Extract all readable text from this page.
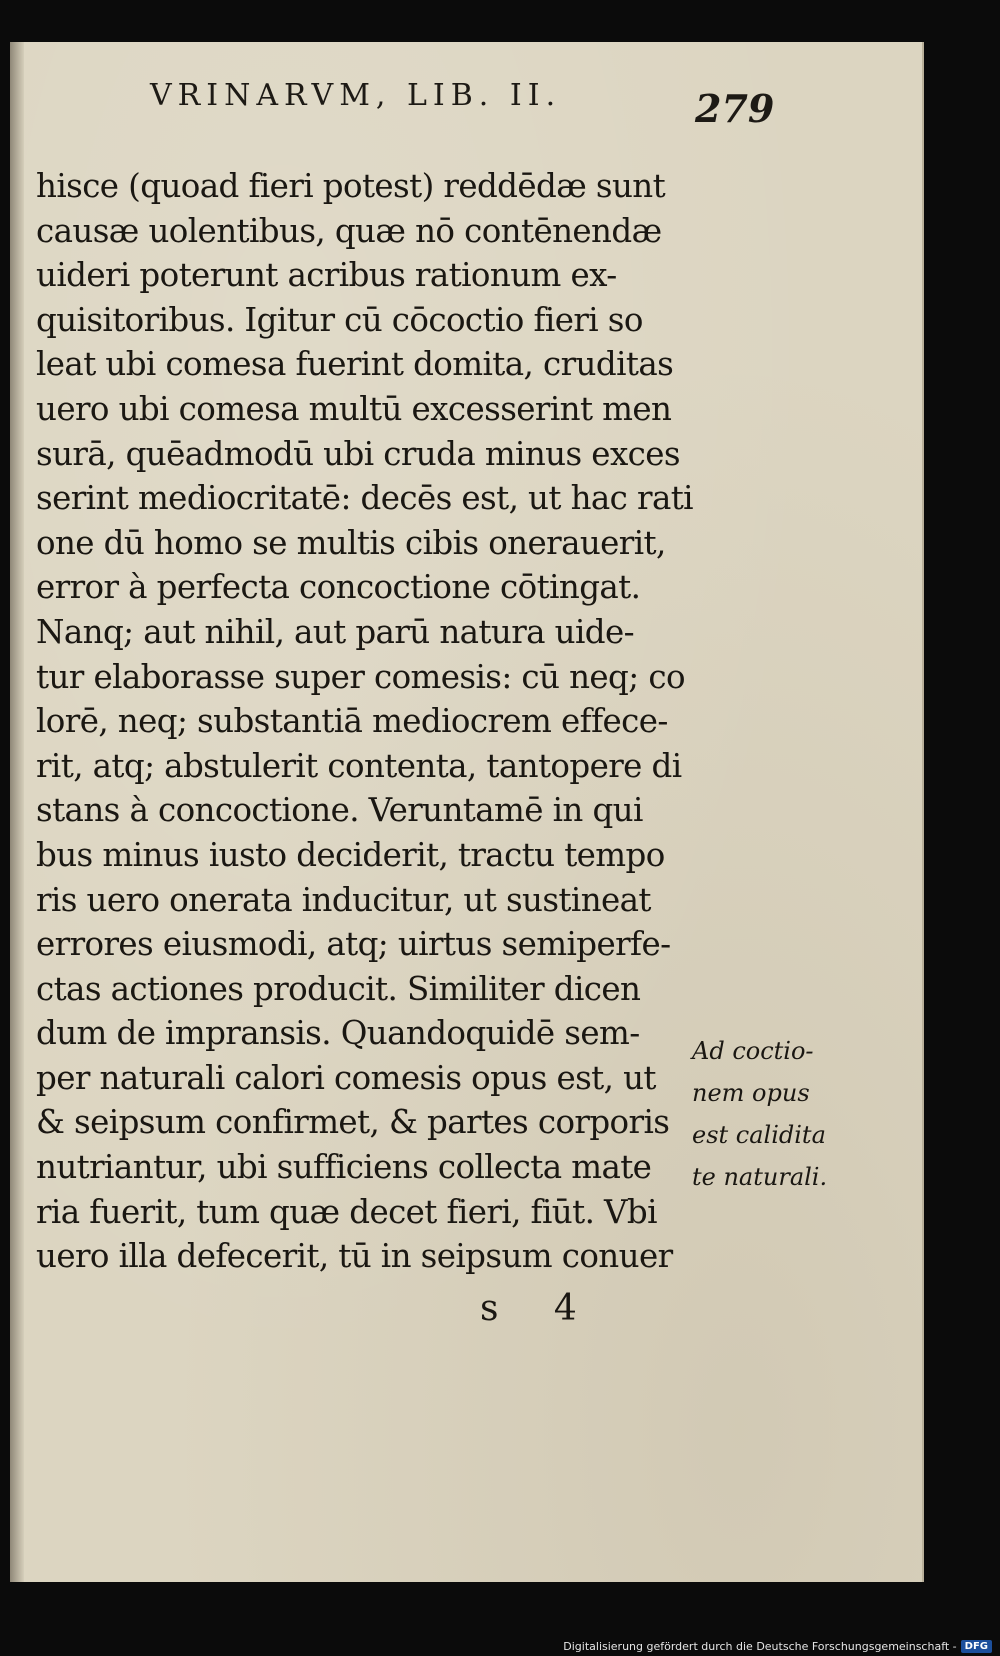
VRINARVM, LIB. II.	279
hisce (quoad fieri potest) reddēdæ sunt
causæ uolentibus, quæ nō contēnendæ
uideri poterunt acribus rationum ex-
quisitoribus. Igitur cū cōcoctio fieri so
leat ubi comesa fuerint domita, cruditas
uero ubi comesa multū excesserint men
surā, quēadmodū ubi cruda minus exces
serint mediocritatē: decēs est, ut hac rati
one dū homo se multis cibis onerauerit,
error à perfecta concoctione cōtingat.
Nanq; aut nihil, aut parū natura uide-
tur elaborasse super comesis: cū neq; co
lorē, neq; substantiā mediocrem effece-
rit, atq; abstulerit contenta, tantopere di
stans à concoctione. Veruntamē in qui
bus minus iusto deciderit, tractu tempo
ris uero onerata inducitur, ut sustineat
errores eiusmodi, atq; uirtus semiperfe-
ctas actiones producit. Similiter dicen
dum de impransis. Quandoquidē sem-
per naturali calori comesis opus est, ut
& seipsum confirmet, & partes corporis
nutriantur, ubi sufficiens collecta mate
ria fuerit, tum quæ decet fieri, fiūt. Vbi
uero illa defecerit, tū in seipsum conuer
Ad coctio-
nem opus
est calidita
te naturali.
s 4
Digitalisierung gefördert durch die Deutsche Forschungsgemeinschaft - DFG
